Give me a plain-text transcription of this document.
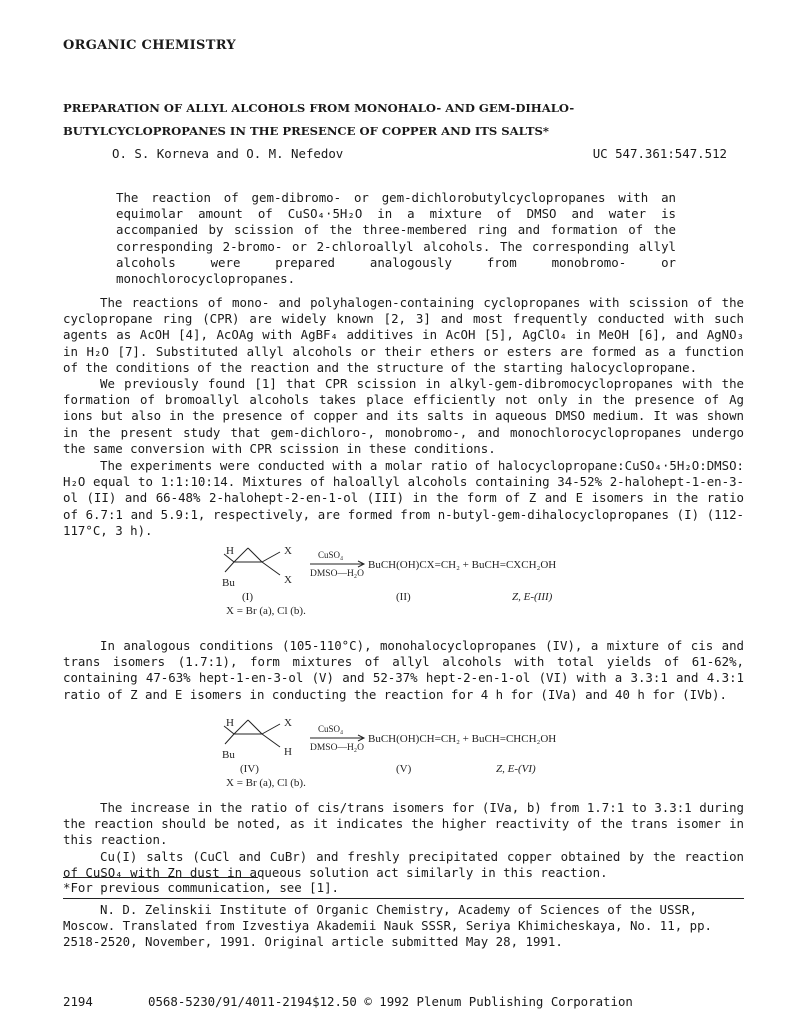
ORGANIC CHEMISTRY
PREPARATION OF ALLYL ALCOHOLS FROM MONOHALO- AND GEM-DIHALO-
BUTYLCYCLOPROPANES IN THE PRESENCE OF COPPER AND ITS SALTS*
O. S. Korneva and O. M. Nefedov	UC 547.361:547.512
The reaction of gem-dibromo- or gem-dichlorobutylcyclopropanes with an equimolar amount of CuSO₄·5H₂O in a mixture of DMSO and water is accompanied by scission of the three-membered ring and formation of the corresponding 2-bromo- or 2-chloroallyl alcohols. The corresponding allyl alcohols were prepared analogously from monobromo- or monochlorocyclopropanes.
The reactions of mono- and polyhalogen-containing cyclopropanes with scission of the cyclopropane ring (CPR) are widely known [2, 3] and most frequently conducted with such agents as AcOH [4], AcOAg with AgBF₄ additives in AcOH [5], AgClO₄ in MeOH [6], and AgNO₃ in H₂O [7]. Substituted allyl alcohols or their ethers or esters are formed as a function of the conditions of the reaction and the structure of the starting halocyclopropane.
We previously found [1] that CPR scission in alkyl-gem-dibromocyclopropanes with the formation of bromoallyl alcohols takes place efficiently not only in the presence of Ag ions but also in the presence of copper and its salts in aqueous DMSO medium. It was shown in the present study that gem-dichloro-, monobromo-, and monochlorocyclopropanes undergo the same conversion with CPR scission in these conditions.
The experiments were conducted with a molar ratio of halocyclopropane:CuSO₄·5H₂O:DMSO: H₂O equal to 1:1:10:14. Mixtures of haloallyl alcohols containing 34-52% 2-halohept-1-en-3-ol (II) and 66-48% 2-halohept-2-en-1-ol (III) in the form of Z and E isomers in the ratio of 6.7:1 and 5.9:1, respectively, are formed from n-butyl-gem-dihalocyclopropanes (I) (112-117°C, 3 h).
H	X
X
Bu
CuSO₄
DMSO—H₂O
BuCH(OH)CX=CH₂ + BuCH=CXCH₂OH
(I)	(II)	Z, E-(III)
X = Br (a), Cl (b).
In analogous conditions (105-110°C), monohalocyclopropanes (IV), a mixture of cis and trans isomers (1.7:1), form mixtures of allyl alcohols with total yields of 61-62%, containing 47-63% hept-1-en-3-ol (V) and 52-37% hept-2-en-1-ol (VI) with a 3.3:1 and 4.3:1 ratio of Z and E isomers in conducting the reaction for 4 h for (IVa) and 40 h for (IVb).
H	X
H
Bu
CuSO₄
DMSO—H₂O
BuCH(OH)CH=CH₂ + BuCH=CHCH₂OH
(IV)	(V)	Z, E-(VI)
X = Br (a), Cl (b).
The increase in the ratio of cis/trans isomers for (IVa, b) from 1.7:1 to 3.3:1 during the reaction should be noted, as it indicates the higher reactivity of the trans isomer in this reaction.
Cu(I) salts (CuCl and CuBr) and freshly precipitated copper obtained by the reaction of CuSO₄ with Zn dust in aqueous solution act similarly in this reaction.
*For previous communication, see [1].
N. D. Zelinskii Institute of Organic Chemistry, Academy of Sciences of the USSR, Moscow. Translated from Izvestiya Akademii Nauk SSSR, Seriya Khimicheskaya, No. 11, pp. 2518-2520, November, 1991. Original article submitted May 28, 1991.
2194	0568-5230/91/4011-2194$12.50 © 1992 Plenum Publishing Corporation
